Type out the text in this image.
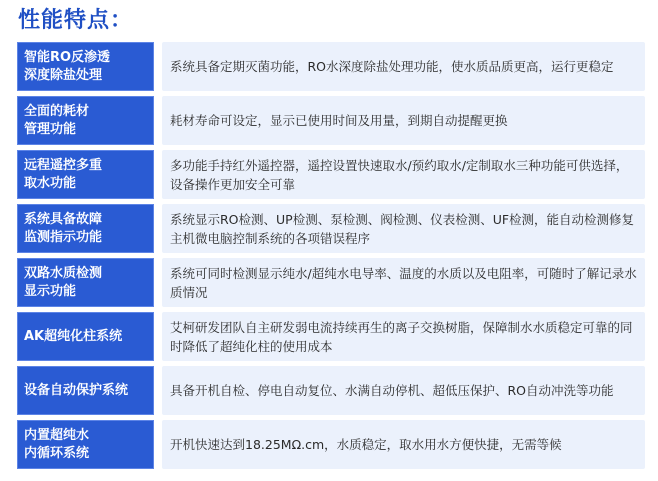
性能特点：
智能RO反渗透
深度除盐处理
系统具备定期灭菌功能，RO水深度除盐处理功能，使水质品质更高，运行更稳定
全面的耗材
管理功能
耗材寿命可设定，显示已使用时间及用量，到期自动提醒更换
远程遥控多重
取水功能
多功能手持红外遥控器，遥控设置快速取水/预约取水/定制取水三种功能可供选择，设备操作更加安全可靠
系统具备故障
监测指示功能
系统显示RO检测、UP检测、泵检测、阀检测、仪表检测、UF检测，能自动检测修复主机微电脑控制系统的各项错误程序
双路水质检测
显示功能
系统可同时检测显示纯水/超纯水电导率、温度的水质以及电阻率，可随时了解记录水质情况
AK超纯化柱系统
艾柯研发团队自主研发弱电流持续再生的离子交换树脂，保障制水水质稳定可靠的同时降低了超纯化柱的使用成本
设备自动保护系统	具备开机自检、停电自动复位、水满自动停机、超低压保护、RO自动冲洗等功能
内置超纯水
内循环系统
开机快速达到18.25MΩ.cm，水质稳定，取水用水方便快捷，无需等候
